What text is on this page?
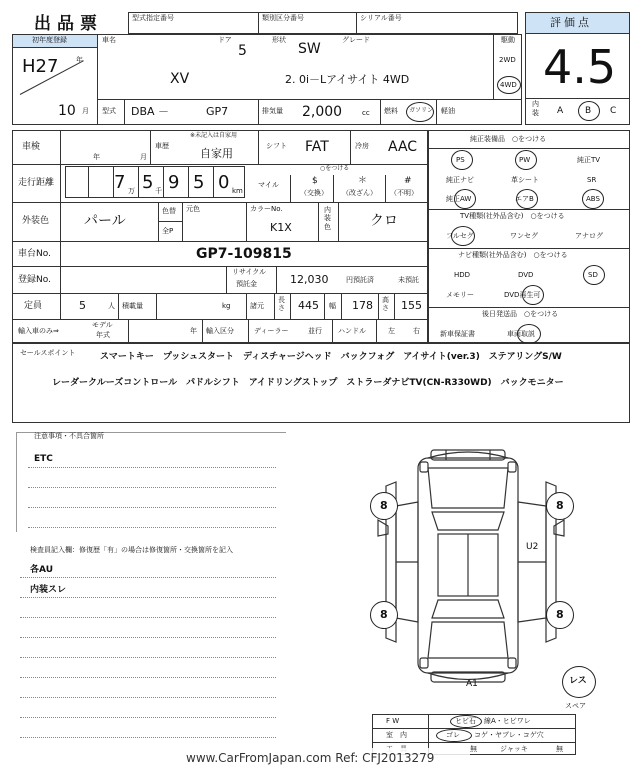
出品票	型式指定番号	類別区分番号	シリアル番号	評価点
4.5
内
装 A B C
初年度登録
H27	年
10 月
車名
XV
ドア
5
形状
SW
グレード
2. 0i－Lアイサイト 4WD
駆動
2WD
4WD
型式 DBA －	GP7	排気量 2,000	cc 燃料 ガソリン 軽油
車検
年	月
車歴
※未記入は自家用
自家用
シフト FAT	冷房 AAC
走行距離	7 万 5 千 9 5 0 km
○をつける
マイル	$
（交換）
＊
（改ざん）
#
（不明）
外装色 パール
色替
全P
元色	カラーNo.
K1X
内装色	クロ
車台No.	GP7-109815
登録No.
リサイクル
預託金	12,030	円預託済	未預託
定員	5	人 積載量	kg	諸元
長さ 445 幅 178 高さ 155
輸入車のみ⇒
モデル
年式	年 輸入区分	ディーラー	並行 ハンドル	左	右
純正装備品　○をつける
PS	PW	純正TV
純正ナビ	革シート	SR
純正AW	エアB	ABS
TV種類(社外品含む)　○をつける
フルセグ	ワンセグ	アナログ
ナビ種類(社外品含む)　○をつける
HDD	DVD	SD
メモリー	DVD再生可
後日発送品　○をつける
新車保証書	車両取説
セールスポイント	スマートキー　プッシュスタート　ディスチャージヘッド　バックフォグ　アイサイト(ver.3)　ステアリングS/W
レーダークルーズコントロール　パドルシフト　アイドリングストップ　ストラーダナビTV(CN-R330WD)　バックモニター
注意事項・不具合箇所
ETC
検査員記入欄：修復歴「有」の場合は修復箇所・交換箇所を記入
各AU
内装スレ
8	8
8	8
U2
A1	レス
スペア
F W	ヒビ石 線A・ヒビワレ
室　内	ゴレ コゲ・ヤブレ・コゲ穴
無	ジャッキ	無
www.CarFromJapan.com Ref: CFJ2013279
